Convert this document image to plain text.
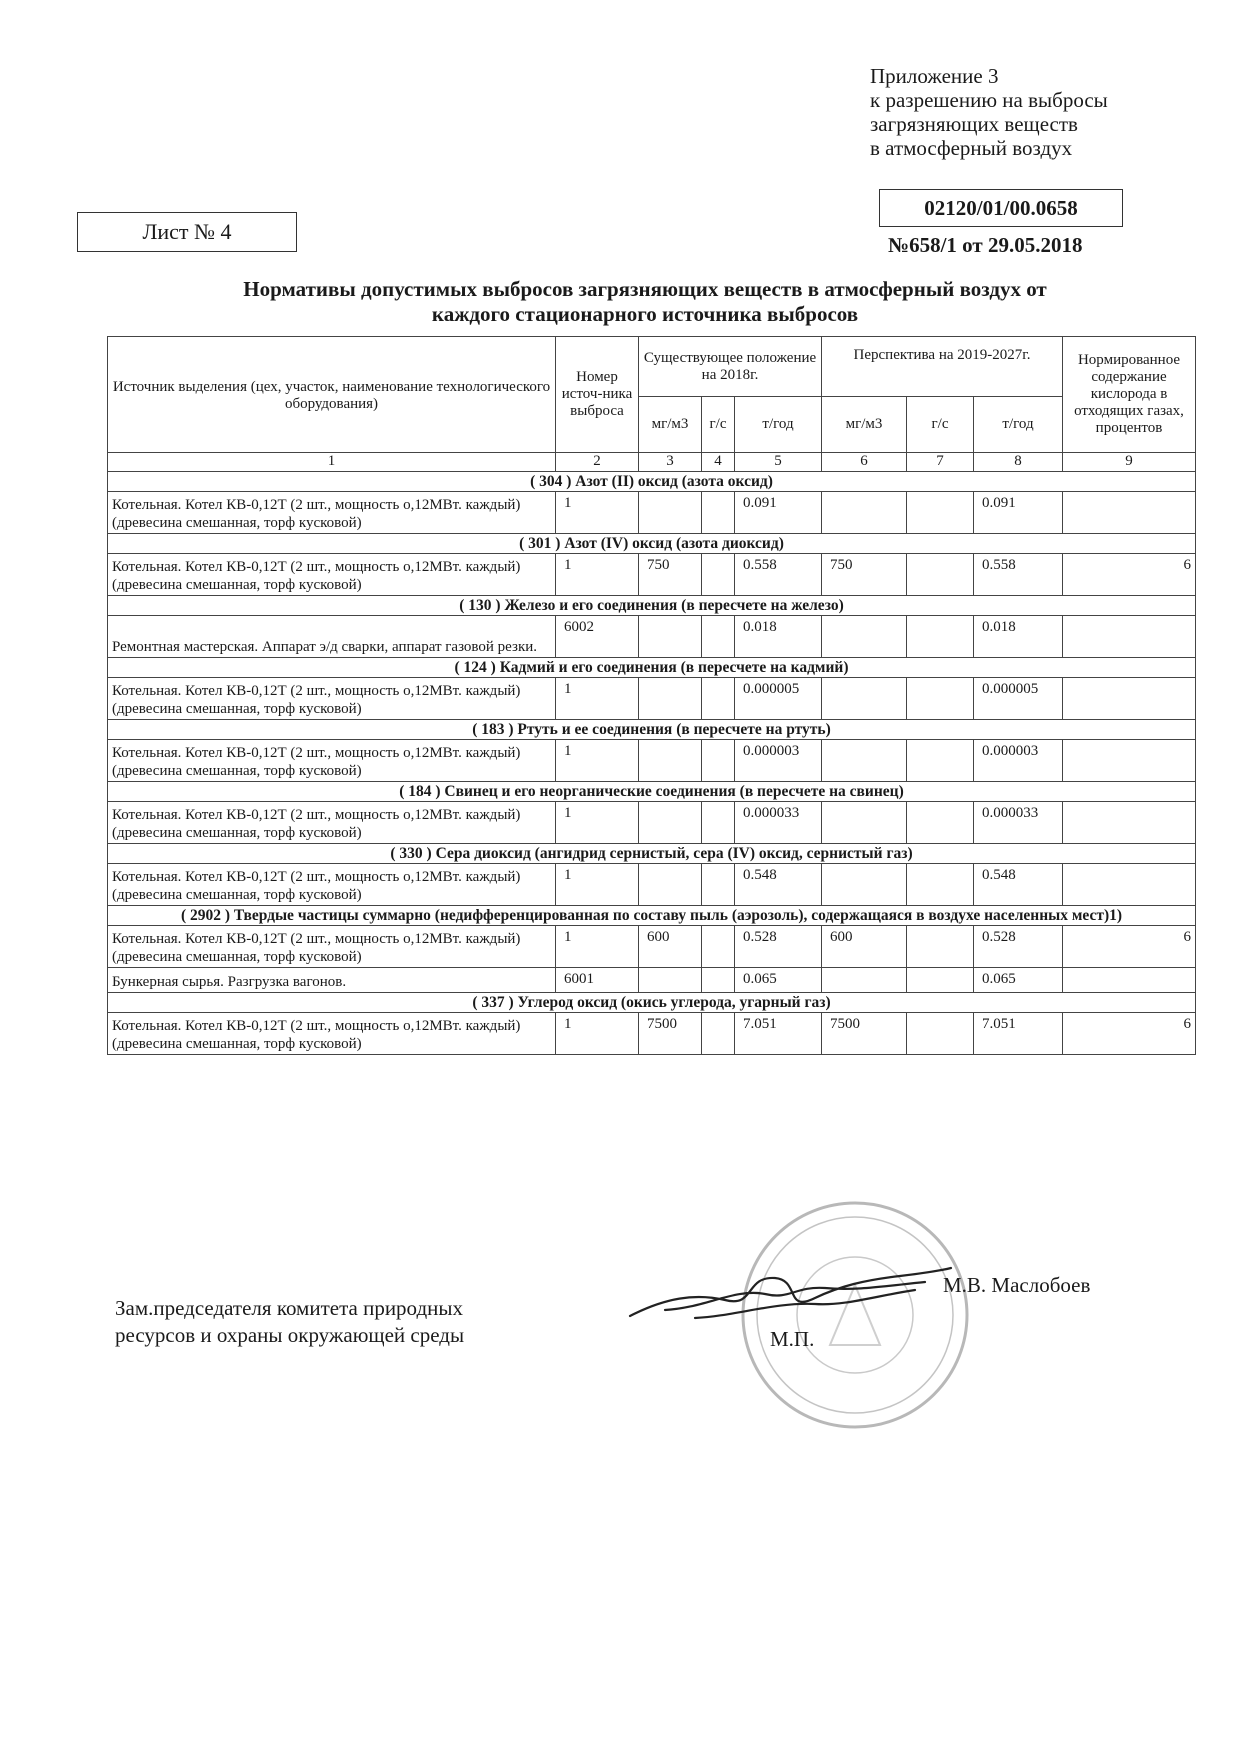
Приложение 3
к разрешению на выбросы
загрязняющих веществ
в атмосферный воздух
Лист № 4
02120/01/00.0658
№658/1 от 29.05.2018
Нормативы допустимых выбросов загрязняющих веществ в атмосферный воздух от
каждого стационарного источника выбросов
Источник выделения (цех, участок, наименование технологического оборудования)	Номер источ-ника выброса	Существующее положение на 2018г.			Перспектива на 2019-2027г.			Нормированное содержание кислорода в отходящих газах, процентов
		мг/м3	г/с	т/год	мг/м3	г/с	т/год	
1	2	3	4	5	6	7	8	9
( 304 ) Азот (II) оксид (азота оксид)								
Котельная. Котел КВ-0,12Т (2 шт., мощность о,12МВт. каждый) (древесина смешанная, торф кусковой)	1			0.091			0.091	
( 301 ) Азот (IV) оксид (азота диоксид)								
Котельная. Котел КВ-0,12Т (2 шт., мощность о,12МВт. каждый) (древесина смешанная, торф кусковой)	1	750		0.558	750		0.558	6
( 130 ) Железо и его соединения (в пересчете на железо)								
Ремонтная мастерская. Аппарат э/д сварки, аппарат газовой резки.	6002			0.018			0.018	
( 124 ) Кадмий и его соединения (в пересчете на кадмий)								
Котельная. Котел КВ-0,12Т (2 шт., мощность о,12МВт. каждый) (древесина смешанная, торф кусковой)	1			0.000005			0.000005	
( 183 ) Ртуть и ее соединения (в пересчете на ртуть)								
Котельная. Котел КВ-0,12Т (2 шт., мощность о,12МВт. каждый) (древесина смешанная, торф кусковой)	1			0.000003			0.000003	
( 184 ) Свинец и его неорганические соединения (в пересчете на свинец)								
Котельная. Котел КВ-0,12Т (2 шт., мощность о,12МВт. каждый) (древесина смешанная, торф кусковой)	1			0.000033			0.000033	
( 330 ) Сера диоксид (ангидрид сернистый, сера (IV) оксид, сернистый газ)								
Котельная. Котел КВ-0,12Т (2 шт., мощность о,12МВт. каждый) (древесина смешанная, торф кусковой)	1			0.548			0.548	
( 2902 ) Твердые частицы суммарно (недифференцированная по составу пыль (аэрозоль), содержащаяся в воздухе населенных мест)1)								
Котельная. Котел КВ-0,12Т (2 шт., мощность о,12МВт. каждый) (древесина смешанная, торф кусковой)	1	600		0.528	600		0.528	6
Бункерная сырья. Разгрузка вагонов.	6001			0.065			0.065	
( 337 ) Углерод оксид (окись углерода, угарный газ)								
Котельная. Котел КВ-0,12Т (2 шт., мощность о,12МВт. каждый) (древесина смешанная, торф кусковой)	1	7500		7.051	7500		7.051	6
Зам.председателя комитета природных
ресурсов и охраны окружающей среды
М.В. Маслобоев
М.П.
